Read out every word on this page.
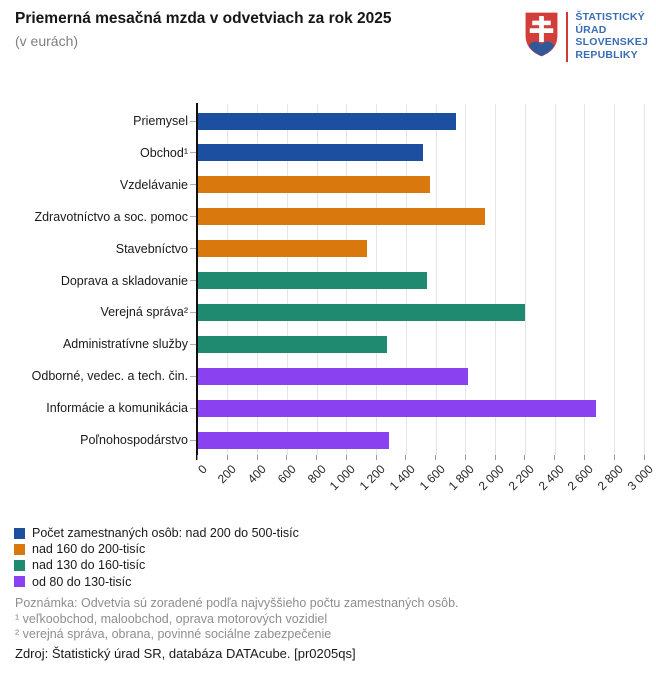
Priemerná mesačná mzda v odvetviach za rok 2025
(v eurách)
ŠTATISTICKÝ
ÚRAD
SLOVENSKEJ
REPUBLIKY
Počet zamestnaných osôb: nad 200 do 500-tisíc
nad 160 do 200-tisíc
nad 130 do 160-tisíc
od 80 do 130-tisíc
Poznámka: Odvetvia sú zoradené podľa najvyššieho počtu zamestnaných osôb.
¹ veľkoobchod, maloobchod, oprava motorových vozidiel
² verejná správa, obrana, povinné sociálne zabezpečenie
Zdroj: Štatistický úrad SR, databáza DATAcube. [pr0205qs]
0 200 400 600 800
1 000
1 200
1 400
1 600
1 800
2 000
2 200
2 400
2 600
2 800
3 000
Priemysel
Obchod¹
Vzdelávanie
Zdravotníctvo a soc. pomoc
Stavebníctvo
Doprava a skladovanie
Verejná správa²
Administratívne služby
Odborné, vedec. a tech. čin.
Informácie a komunikácia
Poľnohospodárstvo
